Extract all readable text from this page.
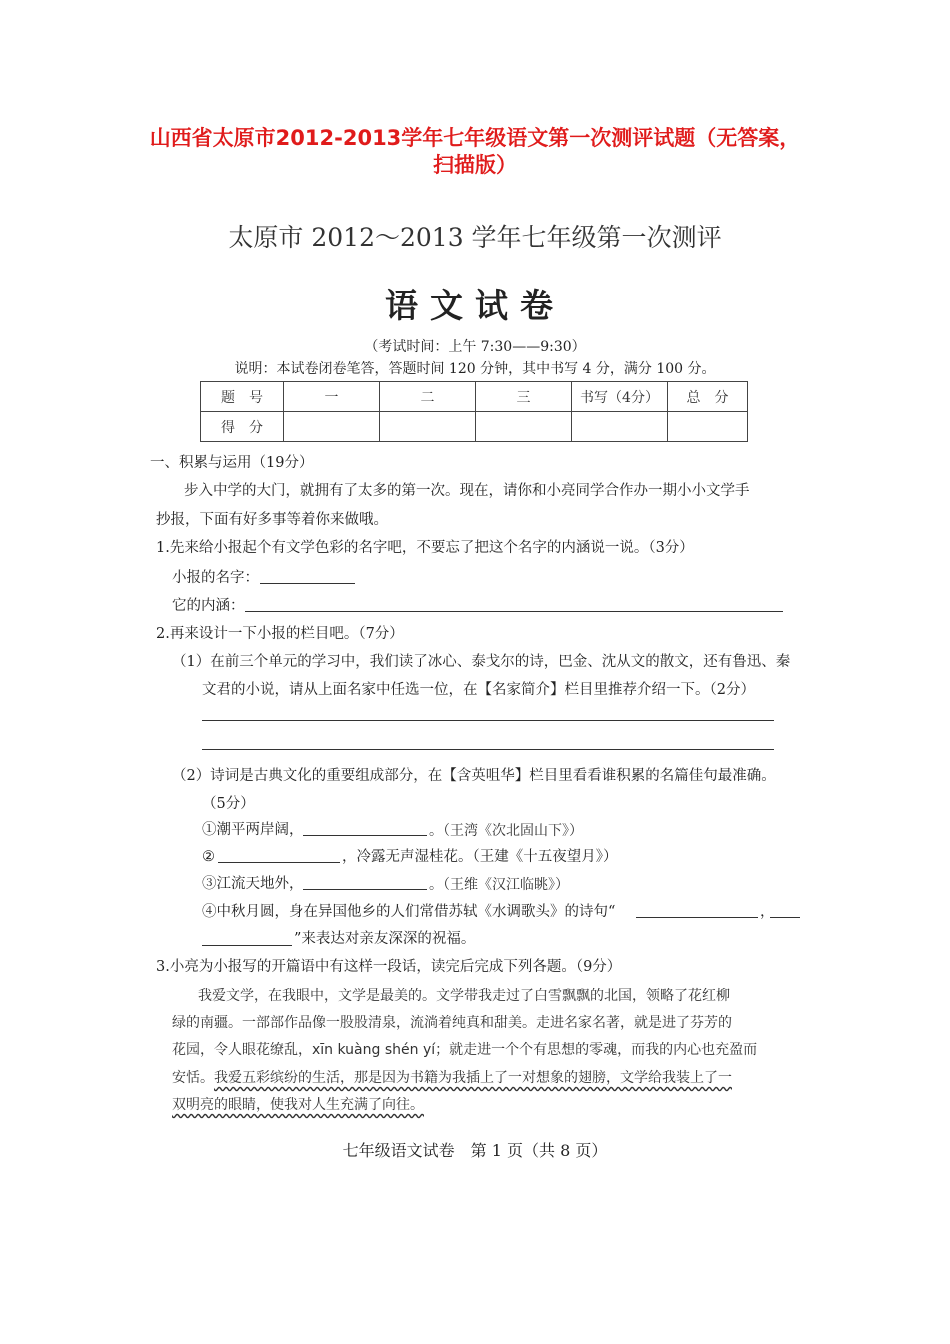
山西省太原市2012-2013学年七年级语文第一次测评试题（无答案，
扫描版）
太原市 2012～2013 学年七年级第一次测评
语文试卷
（考试时间：上午 7:30——9:30）
说明：本试卷闭卷笔答，答题时间 120 分钟，其中书写 4 分，满分 100 分。
题　号	一	二	三	书写（4分）	总　分
得　分					
一、积累与运用（19分）
步入中学的大门，就拥有了太多的第一次。现在，请你和小亮同学合作办一期小小文学手
抄报，下面有好多事等着你来做哦。
1.先来给小报起个有文学色彩的名字吧，不要忘了把这个名字的内涵说一说。（3分）
小报的名字：
它的内涵：
2.再来设计一下小报的栏目吧。（7分）
（1）在前三个单元的学习中，我们读了冰心、泰戈尔的诗，巴金、沈从文的散文，还有鲁迅、秦
文君的小说，请从上面名家中任选一位，在【名家简介】栏目里推荐介绍一下。（2分）
（2）诗词是古典文化的重要组成部分，在【含英咀华】栏目里看看谁积累的名篇佳句最准确。
（5分）
①潮平两岸阔，	。（王湾《次北固山下》）
②	，冷露无声湿桂花。（王建《十五夜望月》）
③江流天地外，	。（王维《汉江临眺》）
④中秋月圆，身在异国他乡的人们常借苏轼《水调歌头》的诗句“	，
”来表达对亲友深深的祝福。
3.小亮为小报写的开篇语中有这样一段话，读完后完成下列各题。（9分）
我爱文学，在我眼中，文学是最美的。文学带我走过了白雪飘飘的北国，领略了花红柳
绿的南疆。一部部作品像一股股清泉，流淌着纯真和甜美。走进名家名著，就是进了芬芳的
花园，令人眼花缭乱，xīn kuàng shén yí；就走进一个个有思想的零魂，而我的内心也充盈而
安恬。我爱五彩缤纷的生活，那是因为书籍为我插上了一对想象的翅膀，文学给我装上了一
双明亮的眼睛，使我对人生充满了向往。
七年级语文试卷　第 1 页（共 8 页）
